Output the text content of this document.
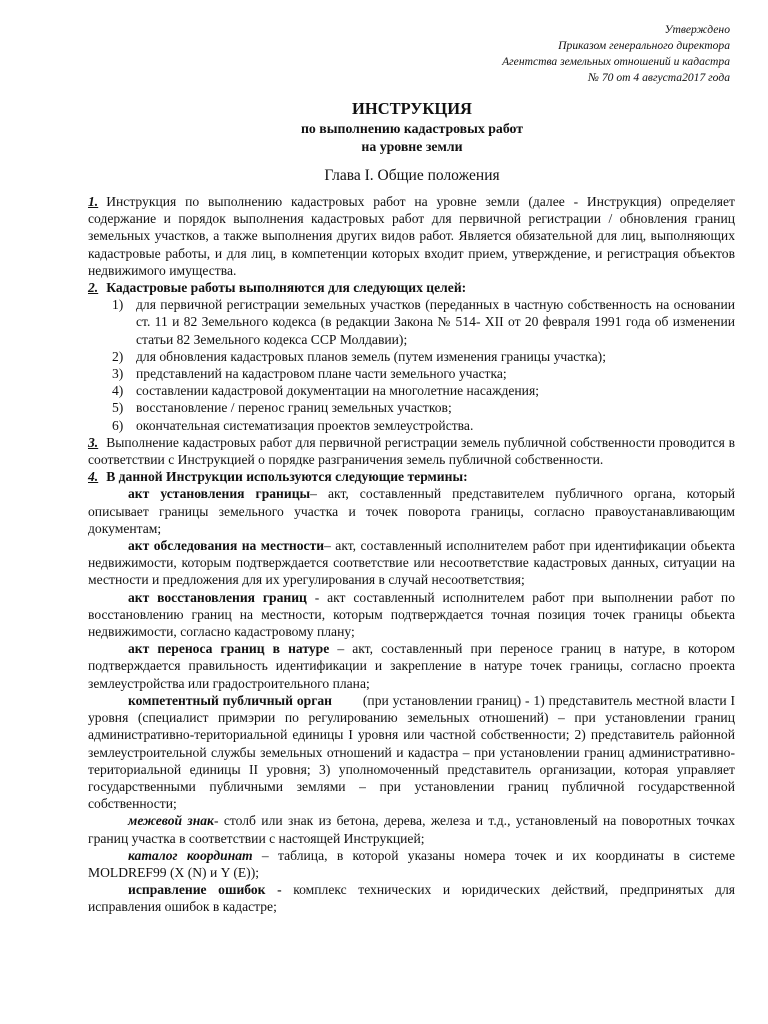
Утверждено
Приказом генерального директора
Агентства земельных отношений и кадастра
№ 70 от 4 августа2017 года
ИНСТРУКЦИЯ
по выполнению кадастровых работ
на уровне земли
Глава I. Общие положения

1. Инструкция по выполнению кадастровых работ на уровне земли (далее - Инструкция) определяет содержание и порядок выполнения кадастровых работ для первичной регистрации / обновления границ земельных участков, а также выполнения других видов работ. Является обязательной для лиц, выполняющих кадастровые работы, и для лиц, в компетенции которых входит прием, утверждение, и регистрация объектов недвижимого имущества.

2. Кадастровые работы выполняются для следующих целей:

1) для первичной регистрации земельных участков (переданных в частную собственность на основании ст. 11 и 82 Земельного кодекса (в редакции Закона № 514- XII от 20 февраля 1991 года об изменении статьи 82 Земельного кодекса ССР Молдавии);
2) для обновления кадастровых планов земель (путем изменения границы участка);
3) представлений на кадастровом плане части земельного участка;
4) составлении кадастровой документации на многолетние насаждения;
5) восстановление / перенос границ земельных участков;
6) окончательная систематизация проектов землеустройства.

3. Выполнение кадастровых работ для первичной регистрации земель публичной собственности проводится в соответствии с Инструкцией о порядке разграничения земель публичной собственности.

4. В данной Инструкции используются следующие термины:

акт установления границы– акт, составленный представителем публичного органа, который описывает границы земельного участка и точек поворота границы, согласно правоустанавливающим документам;

акт обследования на местности– акт, составленный исполнителем работ при идентификации обьекта недвижимости, которым подтверждается соответствие или несоответствие кадастровых данных, ситуации на местности и предложения для их урегулирования в случай несоответствия;

акт восстановления границ - акт составленный исполнителем работ при выполнении работ по восстановлению границ на местности, которым подтверждается точная позиция точек границы обьекта недвижимости, согласно кадастровому плану;

акт переноса границ в натуре – акт, составленный при переносе границ в натуре, в котором подтверждается правильность идентификации и закрепление в натуре точек границы, согласно проекта землеустройства или градостроительного плана;

компетентный публичный орган        (при установлении границ) - 1) представитель местной власти I уровня (специалист примэрии по регулированию земельных отношений) – при установлении границ административно-териториальной единицы I уровня или частной собственности; 2) представитель районной землеустроительной службы земельных отношений и кадастра – при установлении границ административно-териториальной единицы II уровня; 3) уполномоченный представитель организации, которая управляет государственными публичными землями – при установлении границ публичной государственной собственности;

межевой знак- столб или знак из бетона, дерева, железа и т.д., установленый на поворотных точках границ участка в соответствии с настоящей Инструкцией;

каталог координат – таблица, в которой указаны номера точек и их координаты в системе MOLDREF99 (X (N) и Y (E));

исправление ошибок - комплекс технических и юридических действий, предпринятых для исправления ошибок в кадастре;
